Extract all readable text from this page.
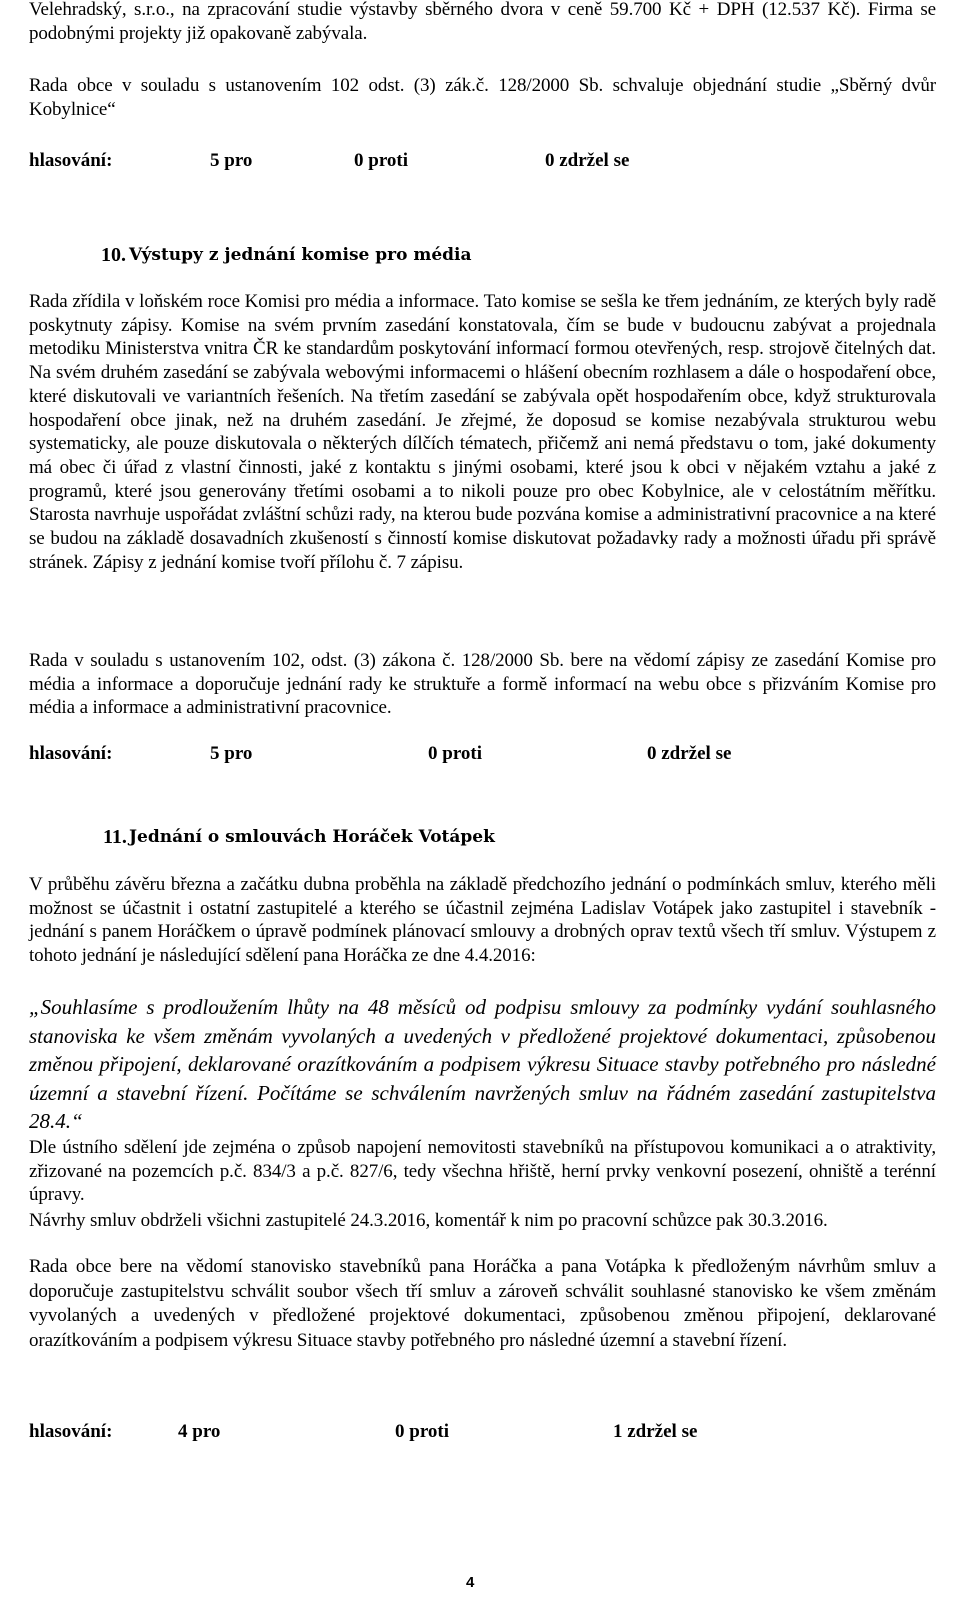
Velehradský, s.r.o., na zpracování studie výstavby sběrného dvora v ceně 59.700 Kč + DPH (12.537 Kč). Firma se podobnými projekty již opakovaně zabývala.

Rada obce v souladu s ustanovením 102 odst. (3) zák.č. 128/2000 Sb. schvaluje objednání studie „Sběrný dvůr Kobylnice“

hlasování:	5 pro	0 proti	0 zdržel se
10. Výstupy z jednání komise pro média

Rada zřídila v loňském roce Komisi pro média a informace. Tato komise se sešla ke třem jednáním, ze kterých byly radě poskytnuty zápisy. Komise na svém prvním zasedání konstatovala, čím se bude v budoucnu zabývat a projednala metodiku Ministerstva vnitra ČR ke standardům poskytování informací formou otevřených, resp. strojově čitelných dat. Na svém druhém zasedání se zabývala webovými informacemi o hlášení obecním rozhlasem a dále o hospodaření obce, které diskutovali ve variantních řešeních. Na třetím zasedání se zabývala opět hospodařením obce, když strukturovala hospodaření obce jinak, než na druhém zasedání. Je zřejmé, že doposud se komise nezabývala strukturou webu systematicky, ale pouze diskutovala o některých dílčích tématech, přičemž ani nemá představu o tom, jaké dokumenty má obec či úřad z vlastní činnosti, jaké z kontaktu s jinými osobami, které jsou k obci v nějakém vztahu a jaké z programů, které jsou generovány třetími osobami a to nikoli pouze pro obec Kobylnice, ale v celostátním měřítku. Starosta navrhuje uspořádat zvláštní schůzi rady, na kterou bude pozvána komise a administrativní pracovnice a na které se budou na základě dosavadních zkušeností s činností komise diskutovat požadavky rady a možnosti úřadu při správě stránek. Zápisy z jednání komise tvoří přílohu č. 7 zápisu.

Rada v souladu s ustanovením 102, odst. (3) zákona č. 128/2000 Sb. bere na vědomí zápisy ze zasedání Komise pro média a informace a doporučuje jednání rady ke struktuře a formě informací na webu obce s přizváním Komise pro média a informace a administrativní pracovnice.

hlasování:	5 pro	0 proti	0 zdržel se
11. Jednání o smlouvách Horáček Votápek

V průběhu závěru března a začátku dubna proběhla na základě předchozího jednání o podmínkách smluv, kterého měli možnost se účastnit i ostatní zastupitelé a kterého se účastnil zejména Ladislav Votápek jako zastupitel i stavebník - jednání s panem Horáčkem o úpravě podmínek plánovací smlouvy a drobných oprav textů všech tří smluv. Výstupem z tohoto jednání je následující sdělení pana Horáčka ze dne 4.4.2016:

„Souhlasíme s prodloužením lhůty na 48 měsíců od podpisu smlouvy za podmínky vydání souhlasného stanoviska ke všem změnám vyvolaných a uvedených v předložené projektové dokumentaci, způsobenou změnou připojení, deklarované orazítkováním a podpisem výkresu Situace stavby potřebného pro následné územní a stavební řízení. Počítáme se schválením navržených smluv na řádném zasedání zastupitelstva 28.4.“

Dle ústního sdělení jde zejména o způsob napojení nemovitosti stavebníků na přístupovou komunikaci a o atraktivity, zřizované na pozemcích p.č. 834/3 a p.č. 827/6, tedy všechna hřiště, herní prvky venkovní posezení, ohniště a terénní úpravy.

Návrhy smluv obdrželi všichni zastupitelé 24.3.2016, komentář k nim po pracovní schůzce pak 30.3.2016.

Rada obce bere na vědomí stanovisko stavebníků pana Horáčka a pana Votápka k předloženým návrhům smluv a doporučuje zastupitelstvu schválit soubor všech tří smluv a zároveň schválit souhlasné stanovisko ke všem změnám vyvolaných a uvedených v předložené projektové dokumentaci, způsobenou změnou připojení, deklarované orazítkováním a podpisem výkresu Situace stavby potřebného pro následné územní a stavební řízení.

hlasování:	4 pro	0 proti	1 zdržel se
4
